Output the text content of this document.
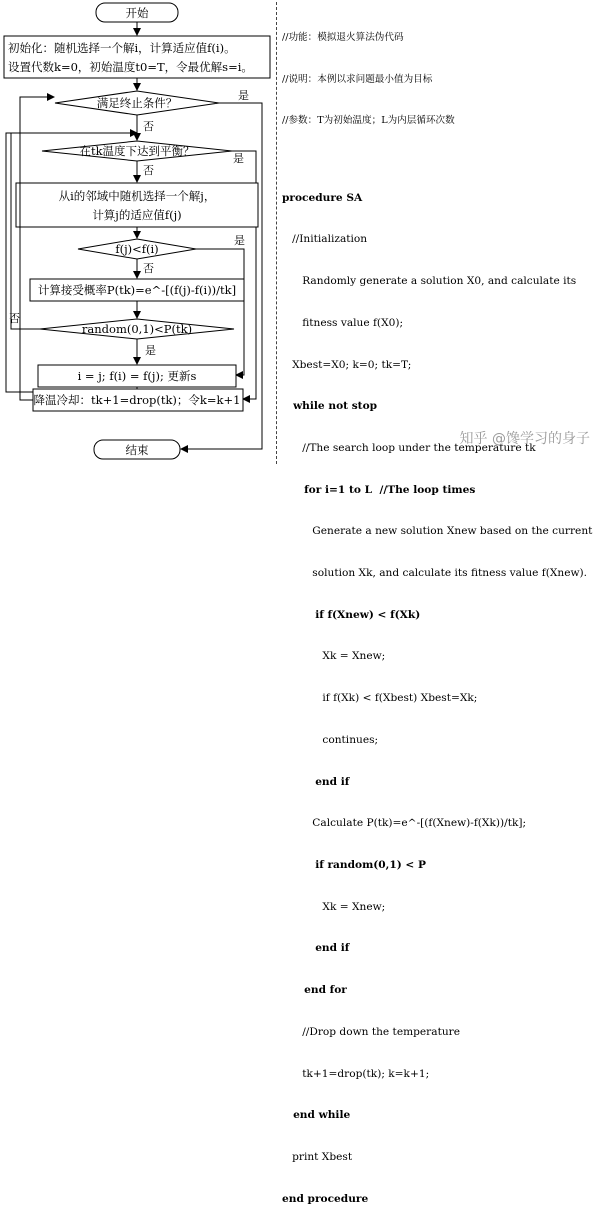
开始
初始化：随机选择一个解i，计算适应值f(i)。
设置代数k=0，初始温度t0=T，令最优解s=i。
满足终止条件？
是
否
在tk温度下达到平衡？
是
否
从i的邻域中随机选择一个解j，
计算j的适应值f(j)
f(j)<f(i)
是
否
计算接受概率P(tk)=e^-[(f(j)-f(i))/tk]
random(0,1)<P(tk)
否
是
i = j; f(i) = f(j); 更新s
降温冷却：tk+1=drop(tk)；令k=k+1
结束

//功能：模拟退火算法伪代码

//说明：本例以求问题最小值为目标

//参数：T为初始温度；L为内层循环次数

procedure SA

//Initialization

Randomly generate a solution X0, and calculate its

fitness value f(X0);

Xbest=X0; k=0; tk=T;

while not stop

//The search loop under the temperature tk

for i=1 to L  //The loop times

Generate a new solution Xnew based on the current

solution Xk, and calculate its fitness value f(Xnew).

if f(Xnew) < f(Xk)

Xk = Xnew;

if f(Xk) < f(Xbest) Xbest=Xk;

continues;

end if

Calculate P(tk)=e^-[(f(Xnew)-f(Xk))/tk];

if random(0,1) < P

Xk = Xnew;

end if

end for

//Drop down the temperature

tk+1=drop(tk); k=k+1;

end while

print Xbest

end procedure

知乎 @馋学习的身子
